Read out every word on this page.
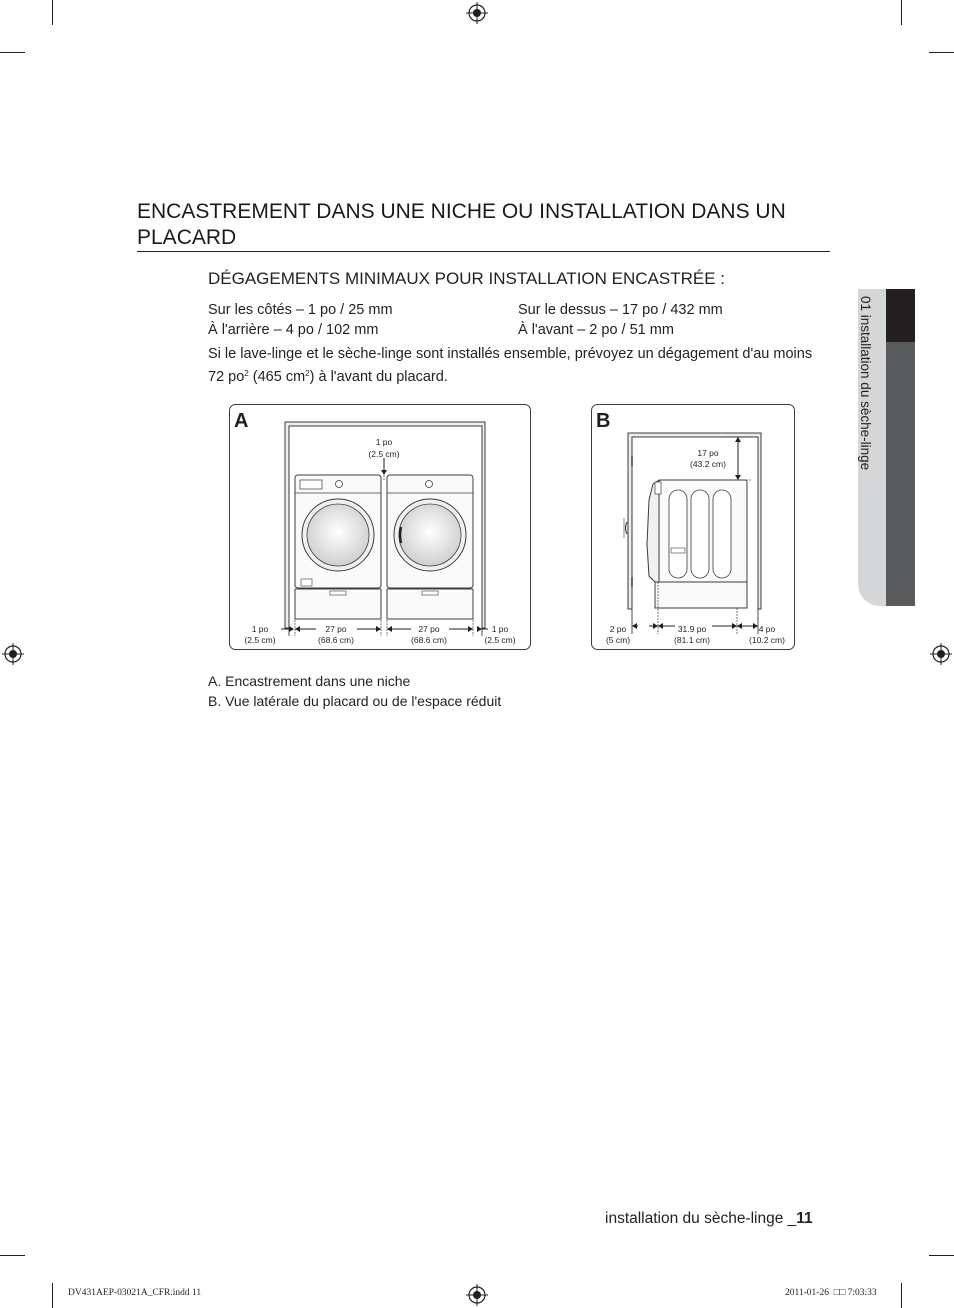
ENCASTREMENT DANS UNE NICHE OU INSTALLATION DANS UN PLACARD
DÉGAGEMENTS MINIMAUX POUR INSTALLATION ENCASTRÉE :
Sur les côtés – 1 po / 25 mm
À l'arrière – 4 po / 102 mm
Sur le dessus – 17 po / 432 mm
À l'avant – 2 po / 51 mm
Si le lave-linge et le sèche-linge sont installés ensemble, prévoyez un dégagement d'au moins 72 $po^2$ (465 $cm^2$) à l'avant du placard.
A
1 po
(2.5 cm)
1 po
(2.5 cm)
27 po
(68.6 cm)
27 po
(68.6 cm)
1 po
(2.5 cm)
B
17 po
(43.2 cm)
2 po
(5 cm)
31.9 po
(81.1 cm)
4 po
(10.2 cm)
A. Encastrement dans une niche
B. Vue latérale du placard ou de l'espace réduit
01 installation du sèche-linge
installation du sèche-linge _11
DV431AEP-03021A_CFR.indd 11	2011-01-26 □□ 7:03:33
